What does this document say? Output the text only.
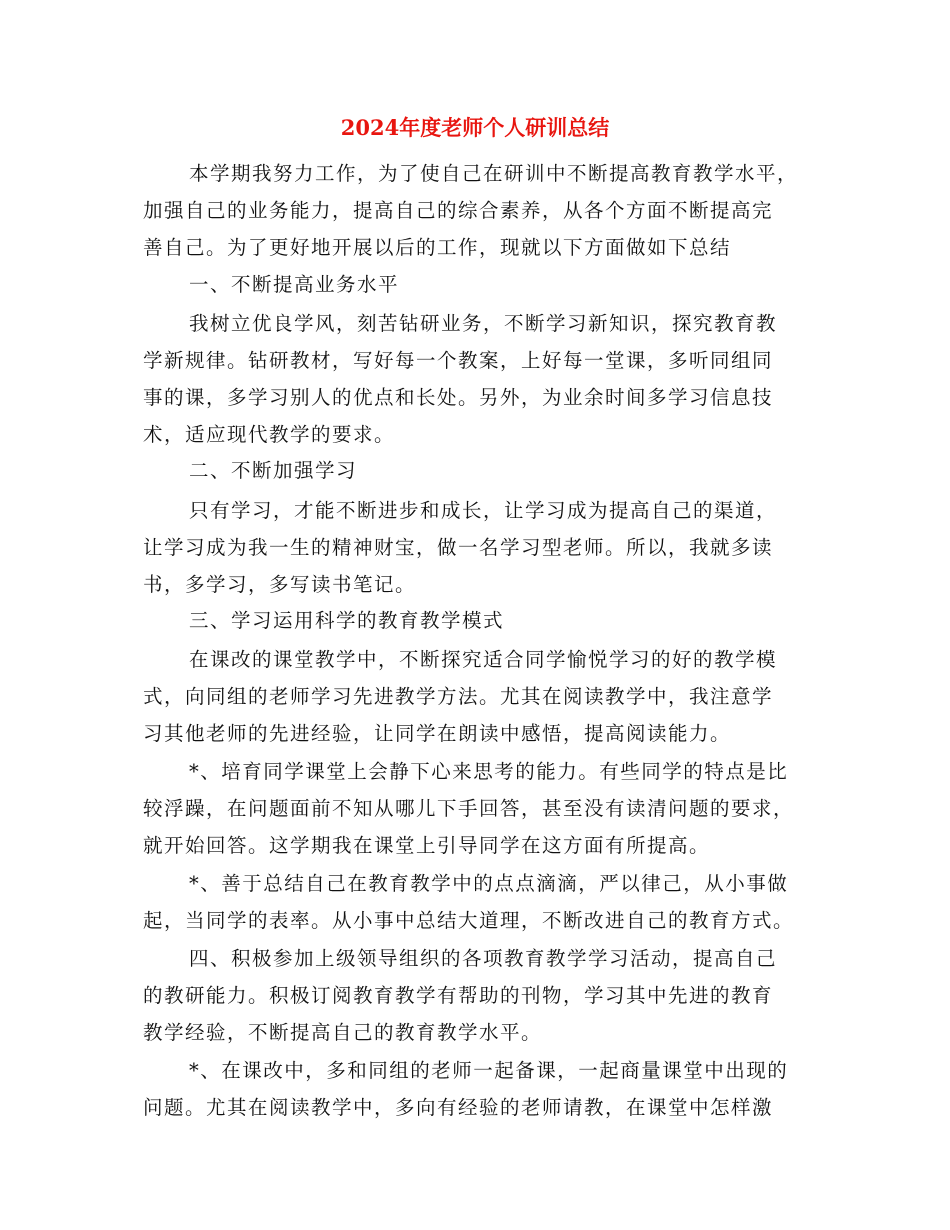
2024年度老师个人研训总结
本学期我努力工作，为了使自己在研训中不断提高教育教学水平，
加强自己的业务能力，提高自己的综合素养，从各个方面不断提高完
善自己。为了更好地开展以后的工作，现就以下方面做如下总结
一、不断提高业务水平
我树立优良学风，刻苦钻研业务，不断学习新知识，探究教育教
学新规律。钻研教材，写好每一个教案，上好每一堂课，多听同组同
事的课，多学习别人的优点和长处。另外，为业余时间多学习信息技
术，适应现代教学的要求。
二、不断加强学习
只有学习，才能不断进步和成长，让学习成为提高自己的渠道，
让学习成为我一生的精神财宝，做一名学习型老师。所以，我就多读
书，多学习，多写读书笔记。
三、学习运用科学的教育教学模式
在课改的课堂教学中，不断探究适合同学愉悦学习的好的教学模
式，向同组的老师学习先进教学方法。尤其在阅读教学中，我注意学
习其他老师的先进经验，让同学在朗读中感悟，提高阅读能力。
*、培育同学课堂上会静下心来思考的能力。有些同学的特点是比
较浮躁，在问题面前不知从哪儿下手回答，甚至没有读清问题的要求，
就开始回答。这学期我在课堂上引导同学在这方面有所提高。
*、善于总结自己在教育教学中的点点滴滴，严以律己，从小事做
起，当同学的表率。从小事中总结大道理，不断改进自己的教育方式。
四、积极参加上级领导组织的各项教育教学学习活动，提高自己
的教研能力。积极订阅教育教学有帮助的刊物，学习其中先进的教育
教学经验，不断提高自己的教育教学水平。
*、在课改中，多和同组的老师一起备课，一起商量课堂中出现的
问题。尤其在阅读教学中，多向有经验的老师请教，在课堂中怎样激
